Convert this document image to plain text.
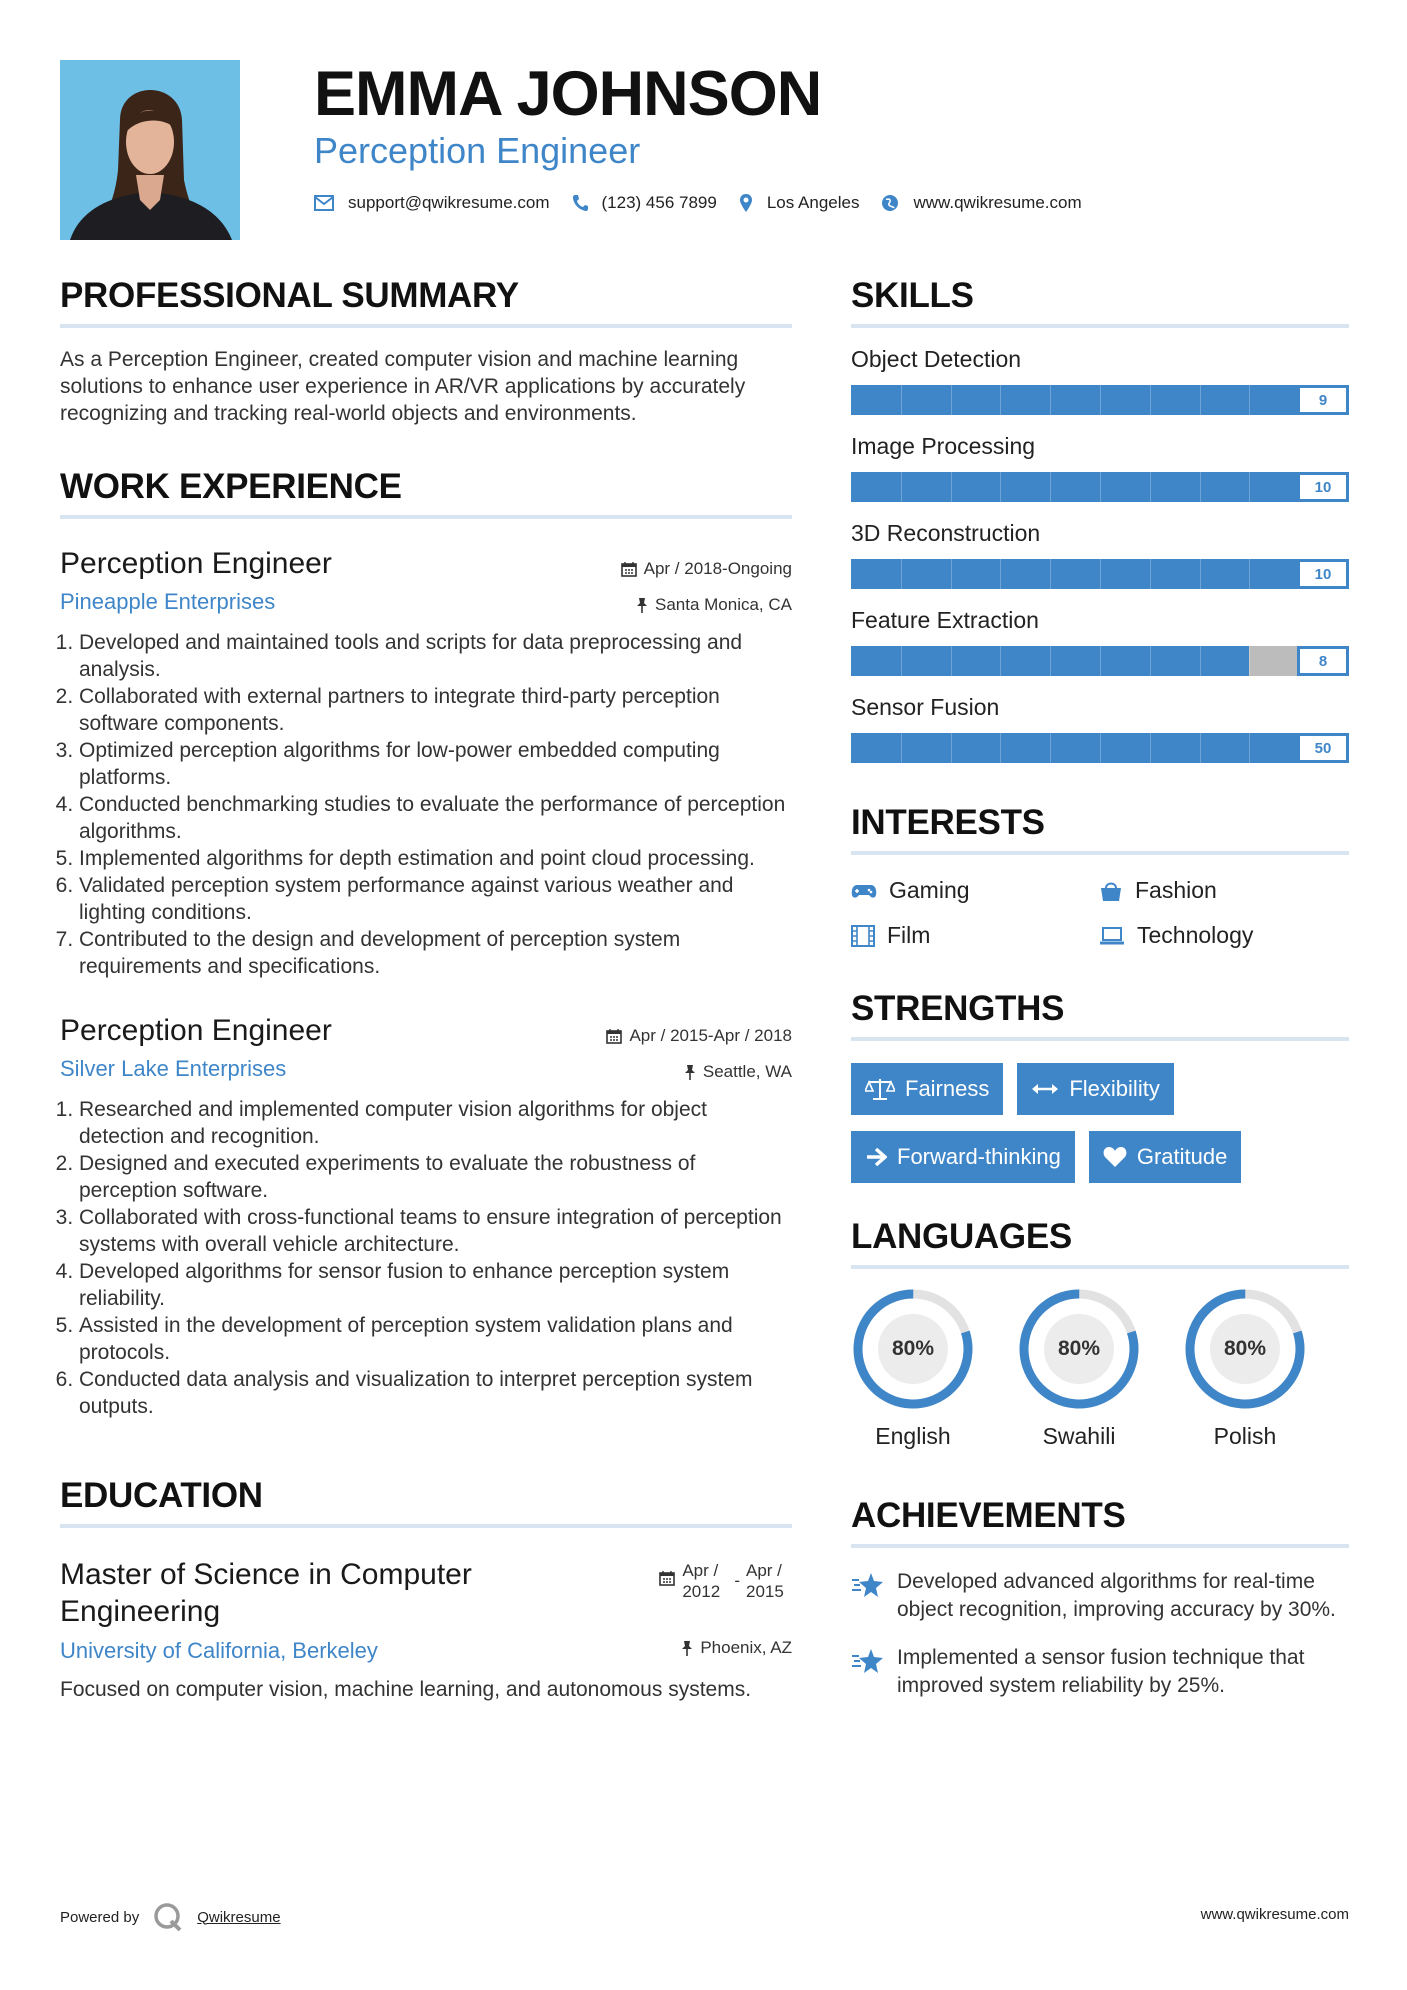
EMMA JOHNSON
Perception Engineer
support@qwikresume.com	(123) 456 7899	Los Angeles	www.qwikresume.com
PROFESSIONAL SUMMARY
As a Perception Engineer, created computer vision and machine learning solutions to enhance user experience in AR/VR applications by accurately recognizing and tracking real-world objects and environments.
WORK EXPERIENCE
Perception Engineer
Pineapple Enterprises
Apr / 2018-Ongoing
Santa Monica, CA
1. Developed and maintained tools and scripts for data preprocessing and analysis.
2. Collaborated with external partners to integrate third-party perception software components.
3. Optimized perception algorithms for low-power embedded computing platforms.
4. Conducted benchmarking studies to evaluate the performance of perception algorithms.
5. Implemented algorithms for depth estimation and point cloud processing.
6. Validated perception system performance against various weather and lighting conditions.
7. Contributed to the design and development of perception system requirements and specifications.
Perception Engineer
Silver Lake Enterprises
Apr / 2015-Apr / 2018
Seattle, WA
1. Researched and implemented computer vision algorithms for object detection and recognition.
2. Designed and executed experiments to evaluate the robustness of perception software.
3. Collaborated with cross-functional teams to ensure integration of perception systems with overall vehicle architecture.
4. Developed algorithms for sensor fusion to enhance perception system reliability.
5. Assisted in the development of perception system validation plans and protocols.
6. Conducted data analysis and visualization to interpret perception system outputs.
EDUCATION
Master of Science in Computer Engineering
University of California, Berkeley
Apr / 2012
-
Apr / 2015
Phoenix, AZ
Focused on computer vision, machine learning, and autonomous systems.
SKILLS
Object Detection
9
Image Processing
10
3D Reconstruction
10
Feature Extraction
8
Sensor Fusion
50
INTERESTS
Gaming	Fashion
Film	Technology
STRENGTHS
Fairness	Flexibility
Forward-thinking	Gratitude
LANGUAGES
80%
English
80%
Swahili
80%
Polish
ACHIEVEMENTS
Developed advanced algorithms for real-time object recognition, improving accuracy by 30%.
Implemented a sensor fusion technique that improved system reliability by 25%.
Powered by	Qwikresume	www.qwikresume.com
